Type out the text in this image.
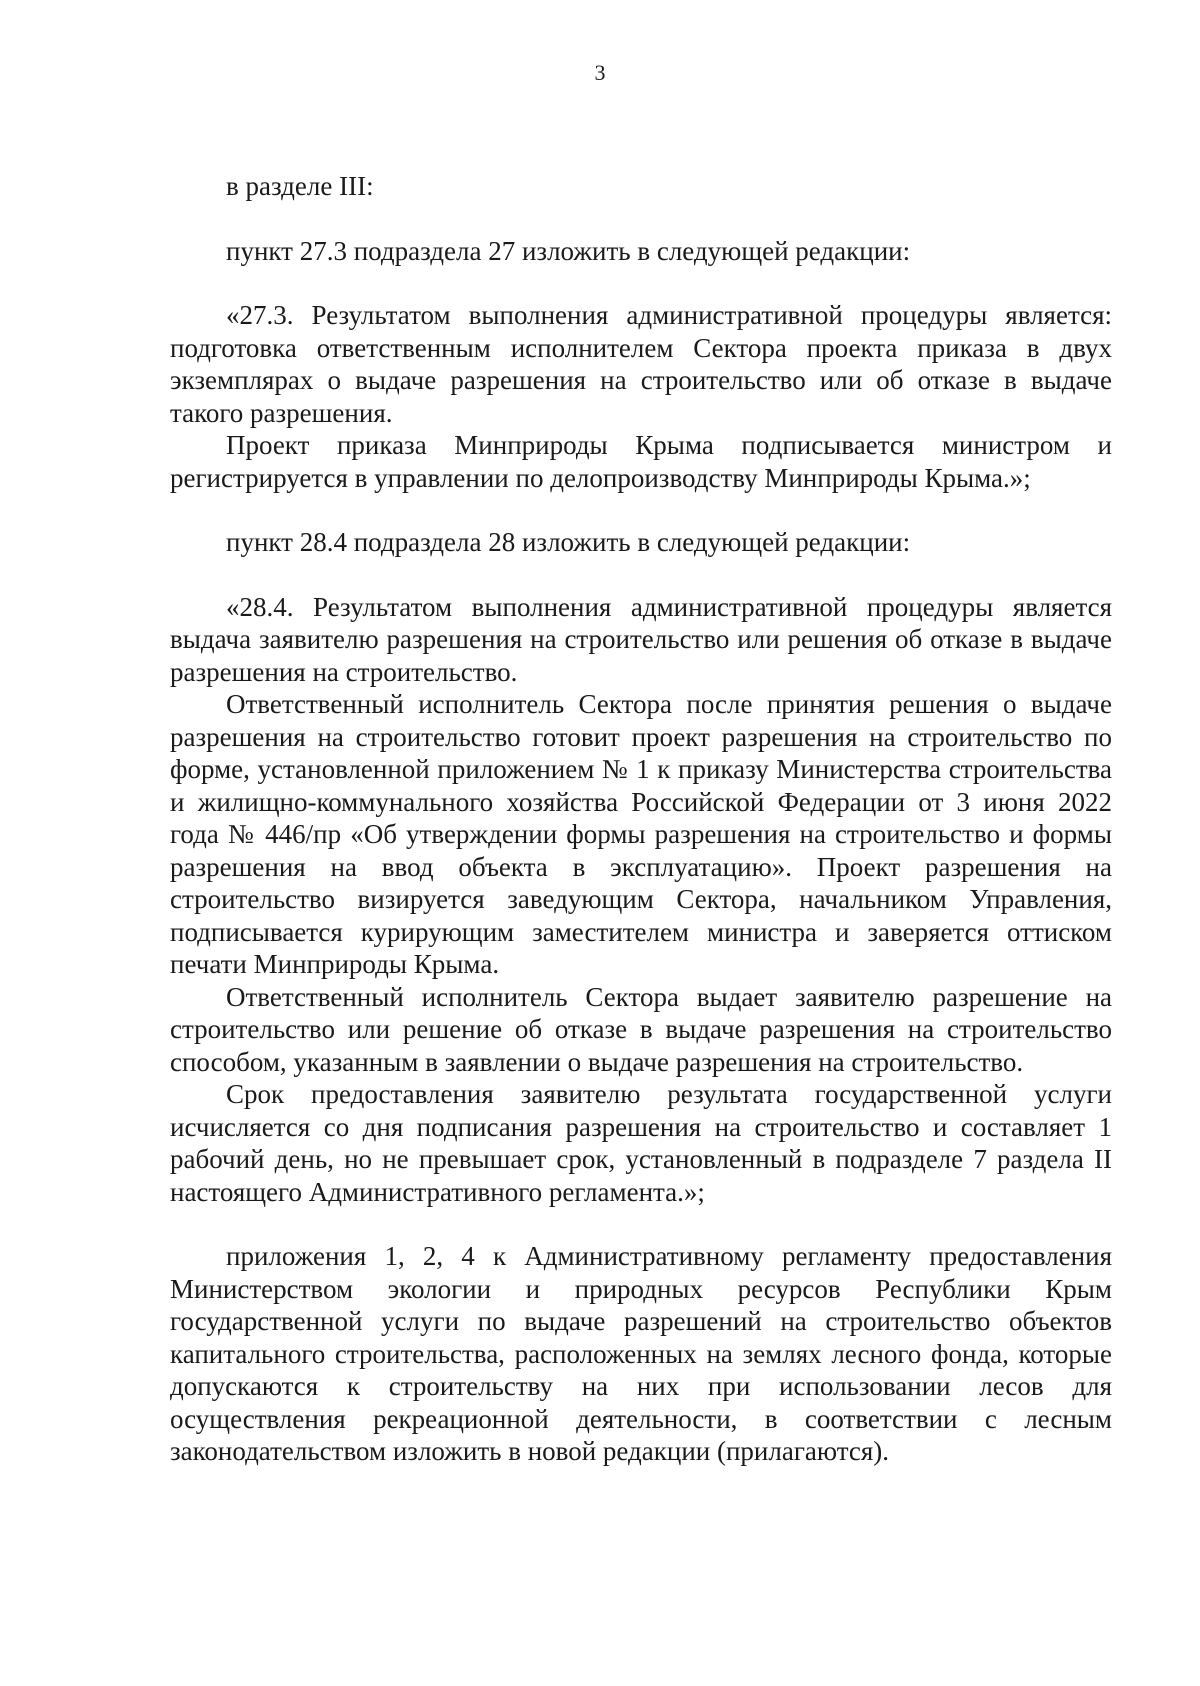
3

в разделе III:

пункт 27.3 подраздела 27 изложить в следующей редакции:

«27.3. Результатом выполнения административной процедуры является: подготовка ответственным исполнителем Сектора проекта приказа в двух экземплярах о выдаче разрешения на строительство или об отказе в выдаче такого разрешения.

Проект приказа Минприроды Крыма подписывается министром и регистрируется в управлении по делопроизводству Минприроды Крыма.»;

пункт 28.4 подраздела 28 изложить в следующей редакции:

«28.4. Результатом выполнения административной процедуры является выдача заявителю разрешения на строительство или решения об отказе в выдаче разрешения на строительство.

Ответственный исполнитель Сектора после принятия решения о выдаче разрешения на строительство готовит проект разрешения на строительство по форме, установленной приложением № 1 к приказу Министерства строительства и жилищно-коммунального хозяйства Российской Федерации от 3 июня 2022 года № 446/пр «Об утверждении формы разрешения на строительство и формы разрешения на ввод объекта в эксплуатацию». Проект разрешения на строительство визируется заведующим Сектора, начальником Управления, подписывается курирующим заместителем министра и заверяется оттиском печати Минприроды Крыма.

Ответственный исполнитель Сектора выдает заявителю разрешение на строительство или решение об отказе в выдаче разрешения на строительство способом, указанным в заявлении о выдаче разрешения на строительство.

Срок предоставления заявителю результата государственной услуги исчисляется со дня подписания разрешения на строительство и составляет 1 рабочий день, но не превышает срок, установленный в подразделе 7 раздела II настоящего Административного регламента.»;

приложения 1, 2, 4 к Административному регламенту предоставления Министерством экологии и природных ресурсов Республики Крым государственной услуги по выдаче разрешений на строительство объектов капитального строительства, расположенных на землях лесного фонда, которые допускаются к строительству на них при использовании лесов для осуществления рекреационной деятельности, в соответствии с лесным законодательством изложить в новой редакции (прилагаются).
